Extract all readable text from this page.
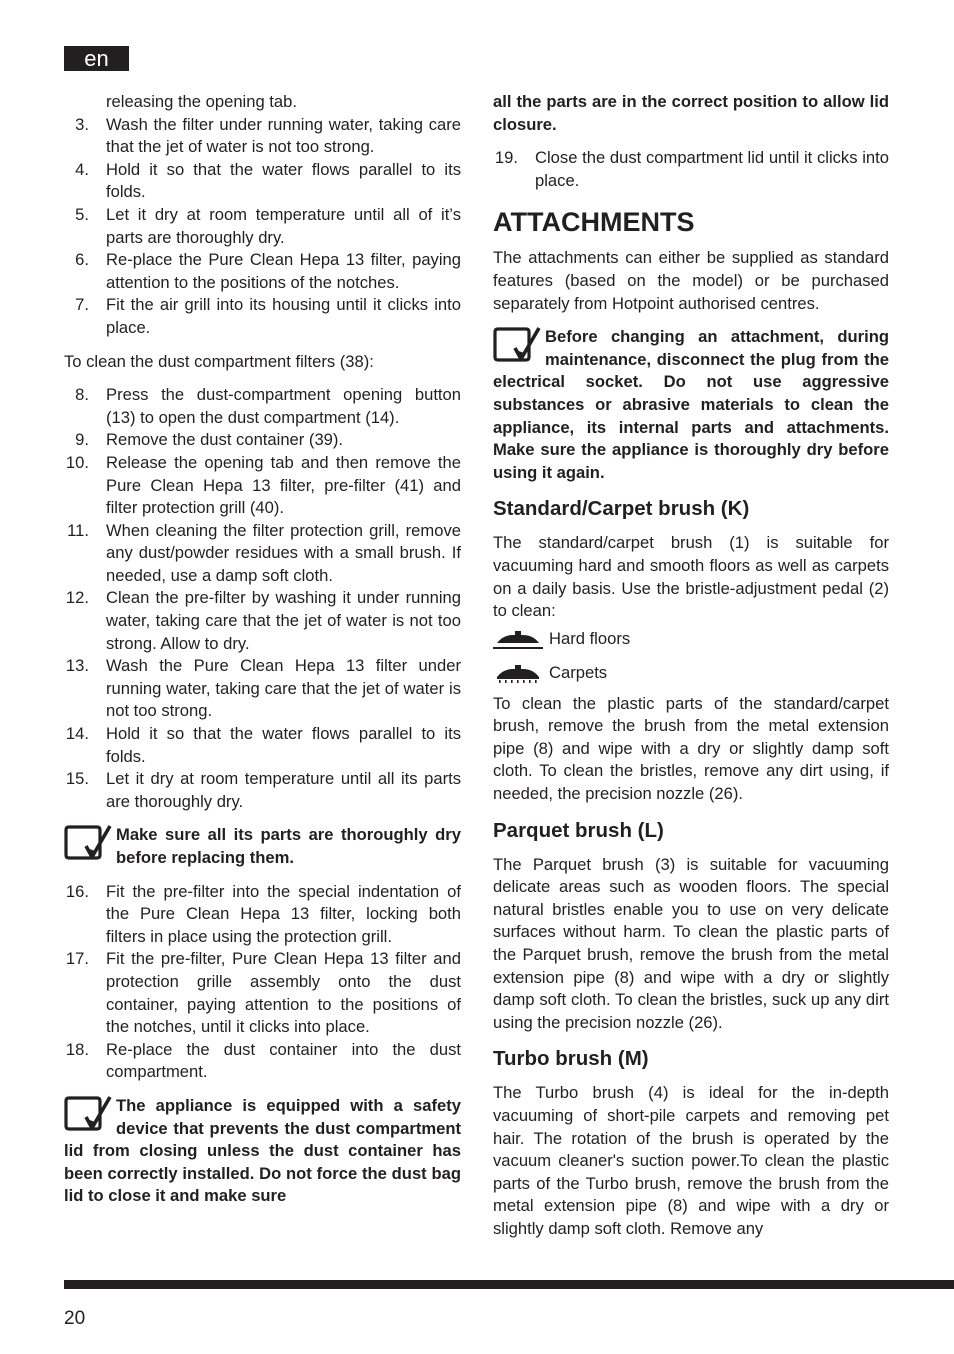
en

releasing the opening tab.

3. Wash the filter under running water, taking care that the jet of water is not too strong.
4. Hold it so that the water flows parallel to its folds.
5. Let it dry at room temperature until all of it’s parts are thoroughly dry.
6. Re-place the Pure Clean Hepa 13 filter, paying attention to the positions of the notches.
7. Fit the air grill into its housing until it clicks into place.

To clean the dust compartment filters (38):

8. Press the dust-compartment opening button (13) to open the dust compartment (14).
9. Remove the dust container (39).
10. Release the opening tab and then remove the Pure Clean Hepa 13 filter, pre-filter (41) and filter protection grill (40).
11. When cleaning the filter protection grill, remove any dust/powder residues with a small brush. If needed, use a damp soft cloth.
12. Clean the pre-filter by washing it under running water, taking care that the jet of water is not too strong. Allow to dry.
13. Wash the Pure Clean Hepa 13 filter under running water, taking care that the jet of water is not too strong.
14. Hold it so that the water flows parallel to its folds.
15. Let it dry at room temperature until all its parts are thoroughly dry.
Make sure all its parts are thoroughly dry before replacing them.
16. Fit the pre-filter into the special indentation of the Pure Clean Hepa 13 filter, locking both filters in place using the protection grill.
17. Fit the pre-filter, Pure Clean Hepa 13 filter and protection grille assembly onto the dust container, paying attention to the positions of the notches, until it clicks into place.
18. Re-place the dust container into the dust compartment.
The appliance is equipped with a safety device that prevents the dust compartment lid from closing unless the dust container has been correctly installed. Do not force the dust bag lid to close it and make sure

all the parts are in the correct position to allow lid closure.

19. Close the dust compartment lid until it clicks into place.
ATTACHMENTS

The attachments can either be supplied as standard features (based on the model) or be purchased separately from Hotpoint authorised centres.

Before changing an attachment, during maintenance, disconnect the plug from the electrical socket. Do not use aggressive substances or abrasive materials to clean the appliance, its internal parts and attachments. Make sure the appliance is thoroughly dry before using it again.
Standard/Carpet brush (K)

The standard/carpet brush (1) is suitable for vacuuming hard and smooth floors as well as carpets on a daily basis. Use the bristle-adjustment pedal (2) to clean:

Hard floors
Carpets

To clean the plastic parts of the standard/carpet brush, remove the brush from the metal extension pipe (8) and wipe with a dry or slightly damp soft cloth. To clean the bristles, remove any dirt using, if needed, the precision nozzle (26).

Parquet brush (L)

The Parquet brush (3) is suitable for vacuuming delicate areas such as wooden floors. The special natural bristles enable you to use on very delicate surfaces without harm. To clean the plastic parts of the Parquet brush, remove the brush from the metal extension pipe (8) and wipe with a dry or slightly damp soft cloth. To clean the bristles, suck up any dirt using the precision nozzle (26).

Turbo brush (M)

The Turbo brush (4) is ideal for the in-depth vacuuming of short-pile carpets and removing pet hair. The rotation of the brush is operated by the vacuum cleaner's suction power.To clean the plastic parts of the Turbo brush, remove the brush from the metal extension pipe (8) and wipe with a dry or slightly damp soft cloth. Remove any

20
